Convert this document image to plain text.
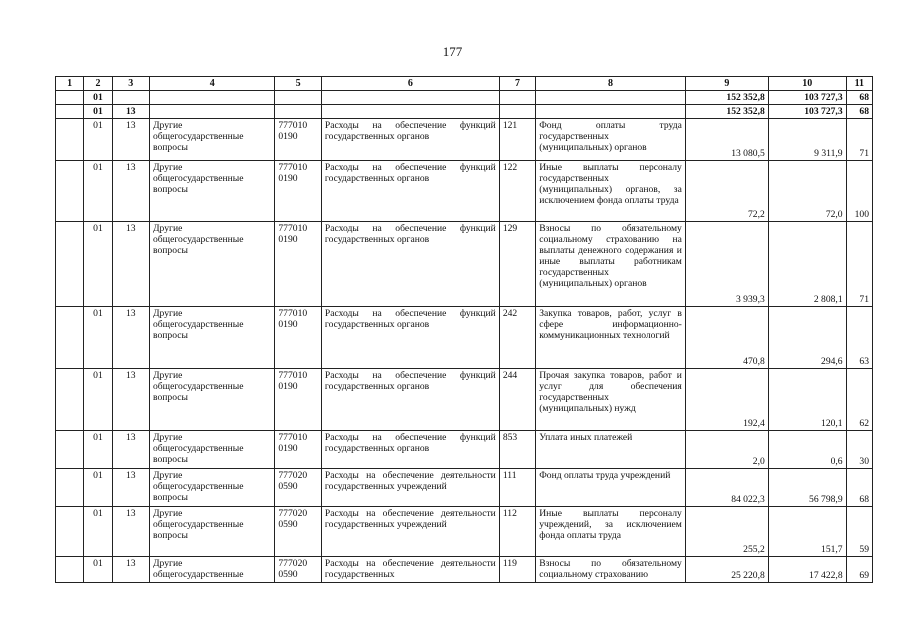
177
1	2	3	4	5	6	7	8	9	10	11
	01							152 352,8	103 727,3	68
	01	13						152 352,8	103 727,3	68
	01	13	Другие общегосударственные вопросы	777010 0190	Расходы на обеспечение функций государственных органов	121	Фонд оплаты труда государственных (муниципальных) органов	13 080,5	9 311,9	71
	01	13	Другие общегосударственные вопросы	777010 0190	Расходы на обеспечение функций государственных органов	122	Иные выплаты персоналу государственных (муниципальных) органов, за исключением фонда оплаты труда	72,2	72,0	100
	01	13	Другие общегосударственные вопросы	777010 0190	Расходы на обеспечение функций государственных органов	129	Взносы по обязательному социальному страхованию на выплаты денежного содержания и иные выплаты работникам государственных (муниципальных) органов	3 939,3	2 808,1	71
	01	13	Другие общегосударственные вопросы	777010 0190	Расходы на обеспечение функций государственных органов	242	Закупка товаров, работ, услуг в сфере информационно-коммуникационных технологий	470,8	294,6	63
	01	13	Другие общегосударственные вопросы	777010 0190	Расходы на обеспечение функций государственных органов	244	Прочая закупка товаров, работ и услуг для обеспечения государственных (муниципальных) нужд	192,4	120,1	62
	01	13	Другие общегосударственные вопросы	777010 0190	Расходы на обеспечение функций государственных органов	853	Уплата иных платежей	2,0	0,6	30
	01	13	Другие общегосударственные вопросы	777020 0590	Расходы на обеспечение деятельности государственных учреждений	111	Фонд оплаты труда учреждений	84 022,3	56 798,9	68
	01	13	Другие общегосударственные вопросы	777020 0590	Расходы на обеспечение деятельности государственных учреждений	112	Иные выплаты персоналу учреждений, за исключением фонда оплаты труда	255,2	151,7	59
	01	13	Другие общегосударственные	777020 0590	Расходы на обеспечение деятельности государственных	119	Взносы по обязательному социальному страхованию	25 220,8	17 422,8	69
